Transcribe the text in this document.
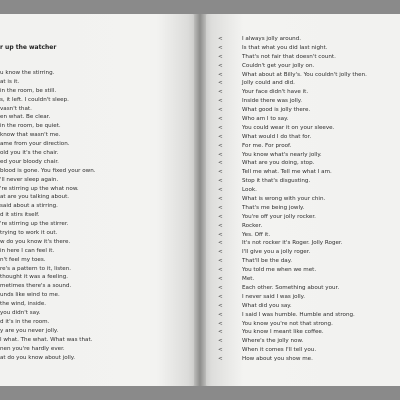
r up the watcher
u know the stirring.
at is it.
in the room, be still.
s, it left. I couldn't sleep.
vasn't that.
en what. Be clear.
in the room, be quiet.
know that wasn't me.
ame from your direction.
old you it's the chair.
ed your bloody chair.
blood is gone. You fixed your own.
'll never sleep again.
're stirring up the what now.
at are you talking about.
said about a stirring.
d it stirs itself.
're stirring up the stirrer.
trying to work it out.
w do you know it's there.
in here I can feel it.
n't feel my toes.
re's a pattern to it, listen.
thought it was a feeling.
metimes there's a sound.
unds like wind to me.
the wind, inside.
you didn't say.
d it's in the room.
y are you never jolly.
l what. The what. What was that.
nen you're hardly ever.
at do you know about jolly.
<	I always jolly around.
<	Is that what you did last night.
<	That's not fair that doesn't count.
<	Couldn't get your jolly on.
<	What about at Billy's. You couldn't jolly then.
<	Jolly could and did.
<	Your face didn't have it.
<	Inside there was jolly.
<	What good is jolly there.
<	Who am I to say.
<	You could wear it on your sleeve.
<	What would I do that for.
<	For me. For proof.
<	You know what's nearly jolly.
<	What are you doing, stop.
<	Tell me what. Tell me what I am.
<	Stop it that's disgusting.
<	Look.
<	What is wrong with your chin.
<	That's me being jowly.
<	You're off your jolly rocker.
<	Rocker.
<	Yes. Off it.
<	It's not rocker it's Roger. Jolly Roger.
<	I'll give you a jolly roger.
<	That'll be the day.
<	You told me when we met.
<	Met.
<	Each other. Something about your.
<	I never said I was jolly.
<	What did you say.
<	I said I was humble. Humble and strong.
<	You know you're not that strong.
<	You know I meant like coffee.
<	Where's the jolly now.
<	When it comes I'll tell you.
<	How about you show me.
